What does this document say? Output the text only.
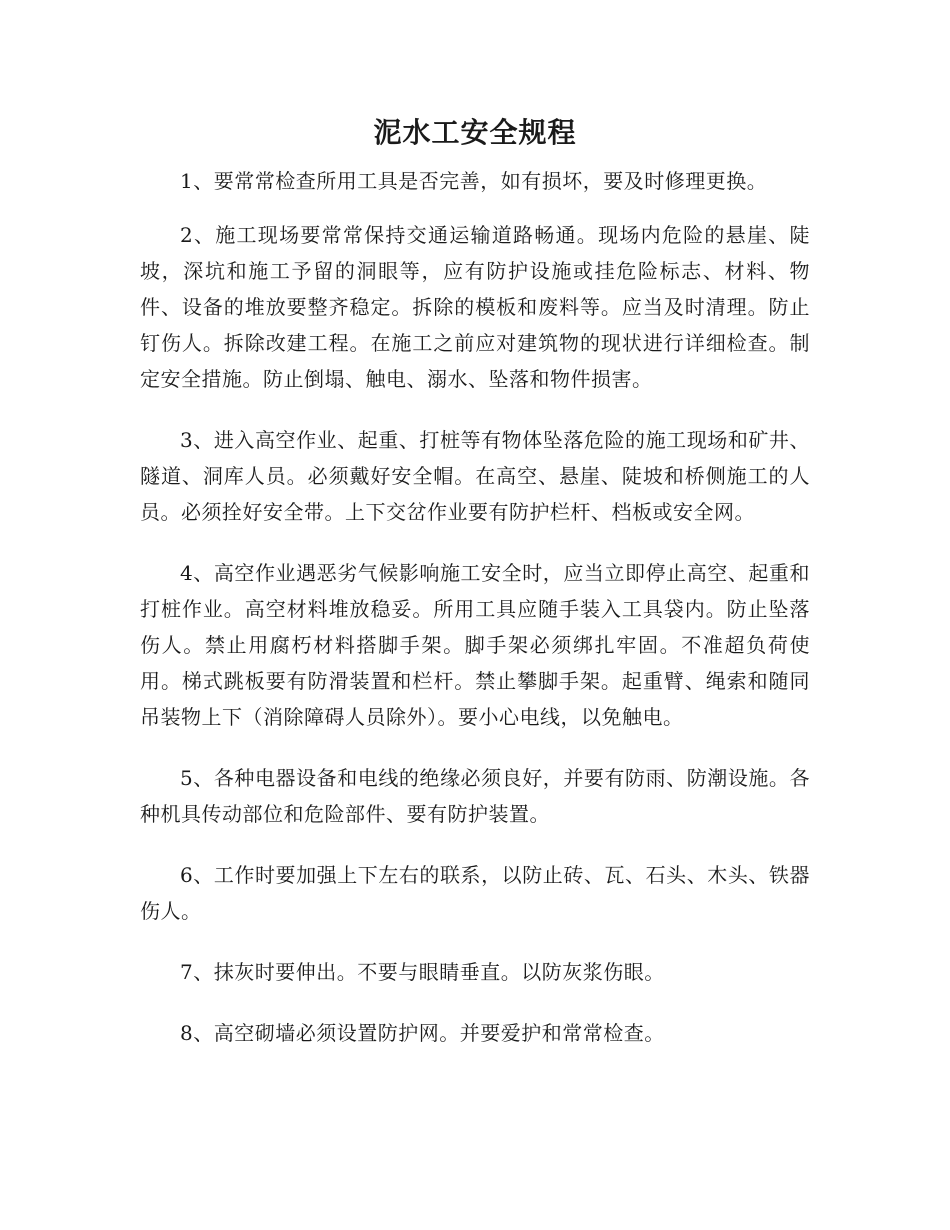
泥水工安全规程

1、要常常检查所用工具是否完善，如有损坏，要及时修理更换。

2、施工现场要常常保持交通运输道路畅通。现场内危险的悬崖、陡坡，深坑和施工予留的洞眼等，应有防护设施或挂危险标志、材料、物件、设备的堆放要整齐稳定。拆除的模板和废料等。应当及时清理。防止钉伤人。拆除改建工程。在施工之前应对建筑物的现状进行详细检查。制定安全措施。防止倒塌、触电、溺水、坠落和物件损害。

3、进入高空作业、起重、打桩等有物体坠落危险的施工现场和矿井、隧道、洞库人员。必须戴好安全帽。在高空、悬崖、陡坡和桥侧施工的人员。必须拴好安全带。上下交岔作业要有防护栏杆、档板或安全网。

4、高空作业遇恶劣气候影响施工安全时，应当立即停止高空、起重和打桩作业。高空材料堆放稳妥。所用工具应随手装入工具袋内。防止坠落伤人。禁止用腐朽材料搭脚手架。脚手架必须绑扎牢固。不准超负荷使用。梯式跳板要有防滑装置和栏杆。禁止攀脚手架。起重臂、绳索和随同吊装物上下（消除障碍人员除外）。要小心电线，以免触电。

5、各种电器设备和电线的绝缘必须良好，并要有防雨、防潮设施。各种机具传动部位和危险部件、要有防护装置。

6、工作时要加强上下左右的联系，以防止砖、瓦、石头、木头、铁器伤人。

7、抹灰时要伸出。不要与眼睛垂直。以防灰浆伤眼。

8、高空砌墙必须设置防护网。并要爱护和常常检查。
